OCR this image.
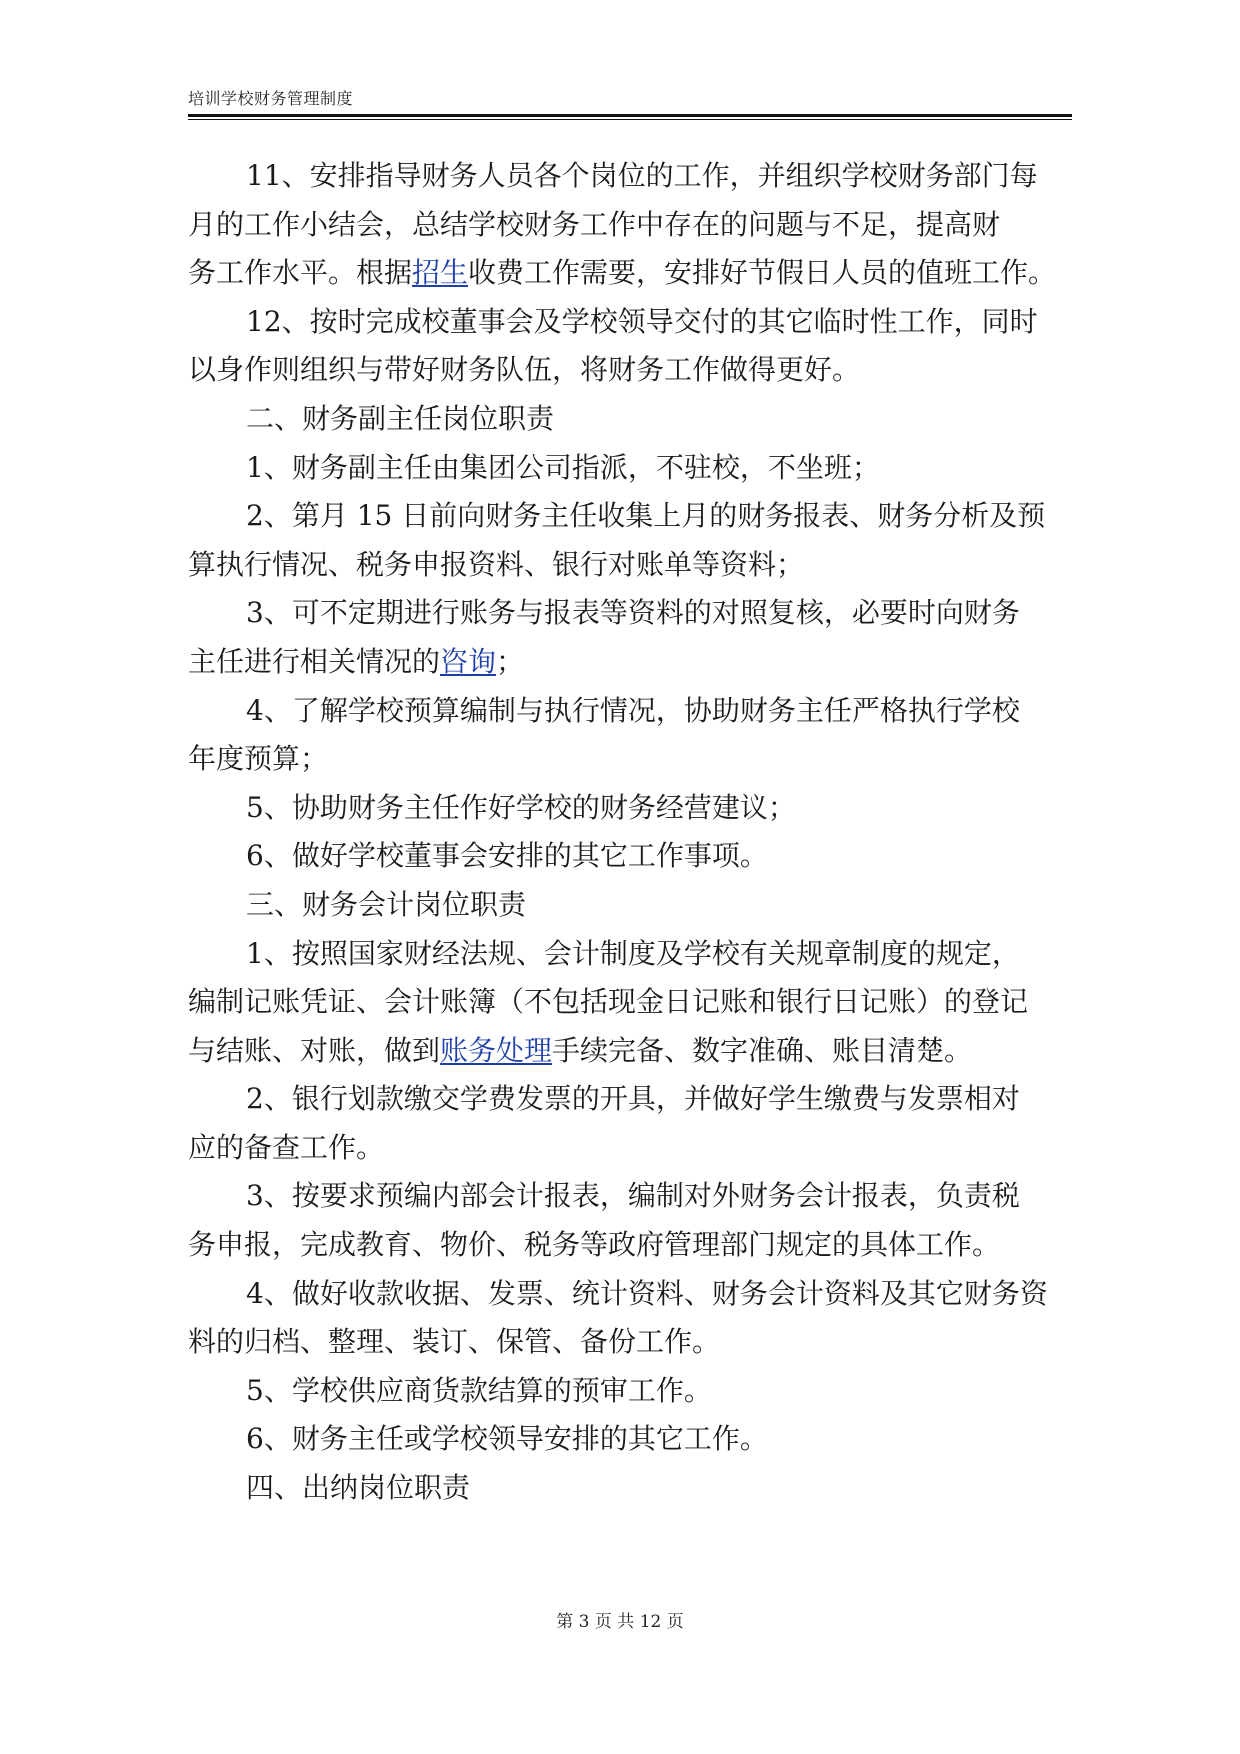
培训学校财务管理制度

11、安排指导财务人员各个岗位的工作，并组织学校财务部门每
月的工作小结会，总结学校财务工作中存在的问题与不足，提高财
务工作水平。根据招生收费工作需要，安排好节假日人员的值班工作。

12、按时完成校董事会及学校领导交付的其它临时性工作，同时
以身作则组织与带好财务队伍，将财务工作做得更好。

二、财务副主任岗位职责

1、财务副主任由集团公司指派，不驻校，不坐班；

2、第月 15 日前向财务主任收集上月的财务报表、财务分析及预
算执行情况、税务申报资料、银行对账单等资料；

3、可不定期进行账务与报表等资料的对照复核，必要时向财务
主任进行相关情况的咨询；

4、了解学校预算编制与执行情况，协助财务主任严格执行学校
年度预算；

5、协助财务主任作好学校的财务经营建议；

6、做好学校董事会安排的其它工作事项。

三、财务会计岗位职责

1、按照国家财经法规、会计制度及学校有关规章制度的规定，
编制记账凭证、会计账簿（不包括现金日记账和银行日记账）的登记
与结账、对账，做到账务处理手续完备、数字准确、账目清楚。

2、银行划款缴交学费发票的开具，并做好学生缴费与发票相对
应的备查工作。

3、按要求预编内部会计报表，编制对外财务会计报表，负责税
务申报，完成教育、物价、税务等政府管理部门规定的具体工作。

4、做好收款收据、发票、统计资料、财务会计资料及其它财务资
料的归档、整理、装订、保管、备份工作。

5、学校供应商货款结算的预审工作。

6、财务主任或学校领导安排的其它工作。

四、出纳岗位职责

第 3 页 共 12 页
